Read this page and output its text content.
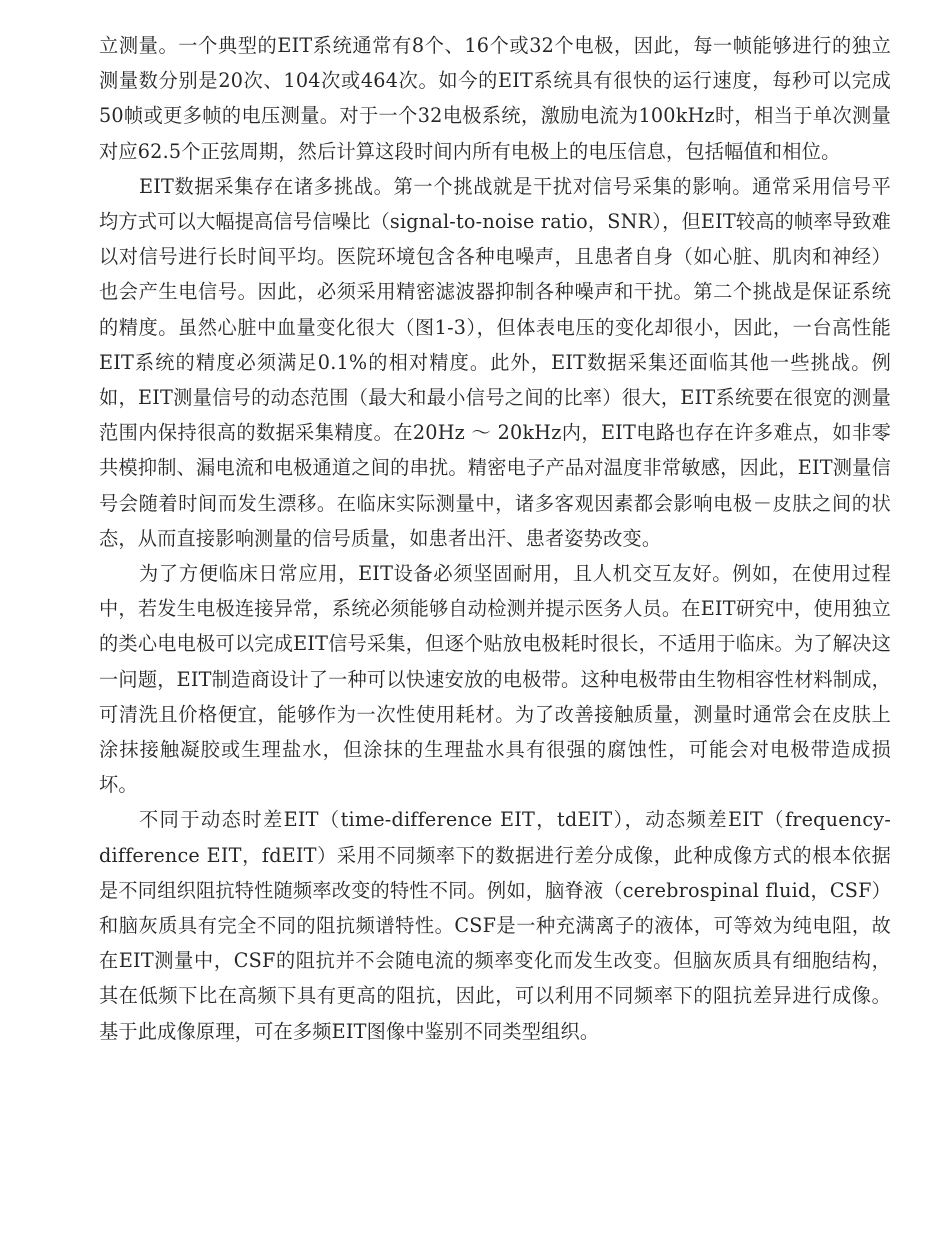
立测量。一个典型的EIT系统通常有8个、16个或32个电极，因此，每一帧能够进行的独立测量数分别是20次、104次或464次。如今的EIT系统具有很快的运行速度，每秒可以完成50帧或更多帧的电压测量。对于一个32电极系统，激励电流为100kHz时，相当于单次测量对应62.5个正弦周期，然后计算这段时间内所有电极上的电压信息，包括幅值和相位。

EIT数据采集存在诸多挑战。第一个挑战就是干扰对信号采集的影响。通常采用信号平均方式可以大幅提高信号信噪比（signal-to-noise ratio，SNR），但EIT较高的帧率导致难以对信号进行长时间平均。医院环境包含各种电噪声，且患者自身（如心脏、肌肉和神经）也会产生电信号。因此，必须采用精密滤波器抑制各种噪声和干扰。第二个挑战是保证系统的精度。虽然心脏中血量变化很大（图1-3），但体表电压的变化却很小，因此，一台高性能EIT系统的精度必须满足0.1%的相对精度。此外，EIT数据采集还面临其他一些挑战。例如，EIT测量信号的动态范围（最大和最小信号之间的比率）很大，EIT系统要在很宽的测量范围内保持很高的数据采集精度。在20Hz ～ 20kHz内，EIT电路也存在许多难点，如非零共模抑制、漏电流和电极通道之间的串扰。精密电子产品对温度非常敏感，因此，EIT测量信号会随着时间而发生漂移。在临床实际测量中，诸多客观因素都会影响电极－皮肤之间的状态，从而直接影响测量的信号质量，如患者出汗、患者姿势改变。

为了方便临床日常应用，EIT设备必须坚固耐用，且人机交互友好。例如，在使用过程中，若发生电极连接异常，系统必须能够自动检测并提示医务人员。在EIT研究中，使用独立的类心电电极可以完成EIT信号采集，但逐个贴放电极耗时很长，不适用于临床。为了解决这一问题，EIT制造商设计了一种可以快速安放的电极带。这种电极带由生物相容性材料制成，可清洗且价格便宜，能够作为一次性使用耗材。为了改善接触质量，测量时通常会在皮肤上涂抹接触凝胶或生理盐水，但涂抹的生理盐水具有很强的腐蚀性，可能会对电极带造成损坏。

不同于动态时差EIT（time-difference EIT，tdEIT），动态频差EIT（frequency-difference EIT，fdEIT）采用不同频率下的数据进行差分成像，此种成像方式的根本依据是不同组织阻抗特性随频率改变的特性不同。例如，脑脊液（cerebrospinal fluid，CSF）和脑灰质具有完全不同的阻抗频谱特性。CSF是一种充满离子的液体，可等效为纯电阻，故在EIT测量中，CSF的阻抗并不会随电流的频率变化而发生改变。但脑灰质具有细胞结构，其在低频下比在高频下具有更高的阻抗，因此，可以利用不同频率下的阻抗差异进行成像。基于此成像原理，可在多频EIT图像中鉴别不同类型组织。
